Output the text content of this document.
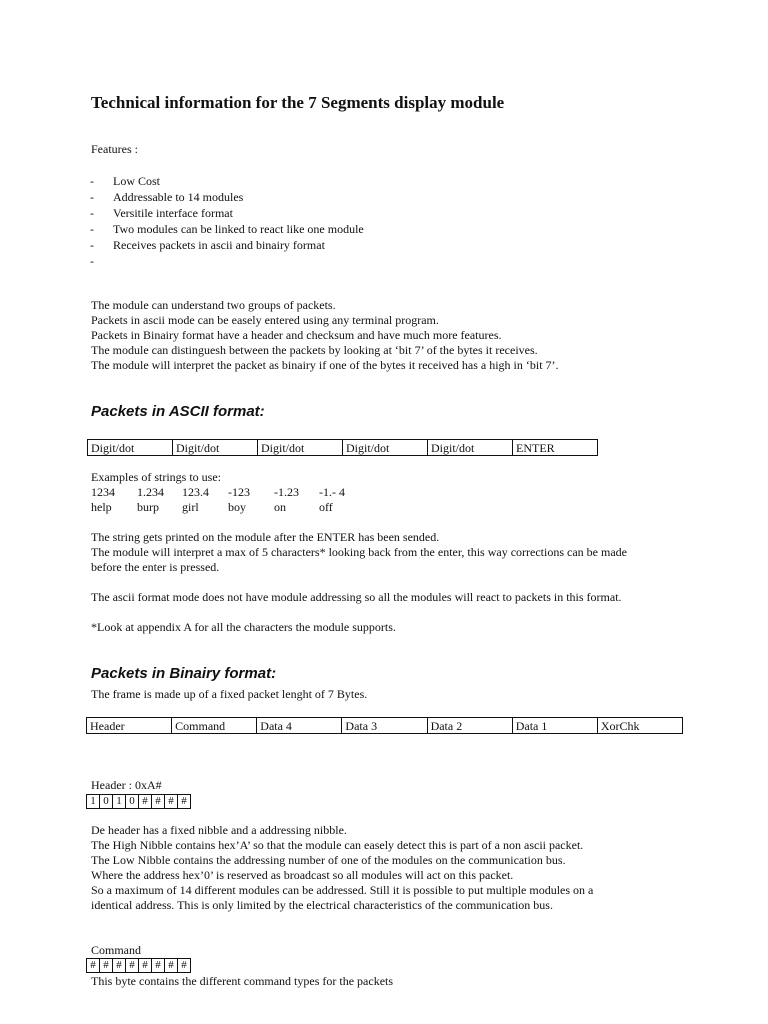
Technical information for the 7 Segments display module
Features :
-	Low Cost
-	Addressable to 14 modules
-	Versitile interface format
-	Two modules can be linked to react like one module
-	Receives packets in ascii and binairy format
-
The module can understand two groups of packets.
Packets in ascii mode can be easely entered using any terminal program.
Packets in Binairy format have a header and checksum and have much more features.
The module can distinguesh between the packets by looking at ‘bit 7’ of the bytes it receives.
The module will interpret the packet as binairy if one of the bytes it received has a high in ‘bit 7’.
Packets in ASCII format:
Digit/dot	Digit/dot	Digit/dot	Digit/dot	Digit/dot	ENTER
Examples of strings to use:
1234	1.234	123.4	-123	-1.23	-1.- 4
help	burp	girl	boy	on	off
The string gets printed on the module after the ENTER has been sended.
The module will interpret a max of 5 characters* looking back from the enter, this way corrections can be made
before the enter is pressed.
The ascii format mode does not have module addressing so all the modules will react to packets in this format.
*Look at appendix A for all the characters the module supports.
Packets in Binairy format:
The frame is made up of a fixed packet lenght of 7 Bytes.
Header	Command	Data 4	Data 3	Data 2	Data 1	XorChk
Header : 0xA#
1	0	1	0	#	#	#	#
De header has a fixed nibble and a addressing nibble.
The High Nibble contains hex’A’ so that the module can easely detect this is part of a non ascii packet.
The Low Nibble contains the addressing number of one of the modules on the communication bus.
Where the address hex’0’ is reserved as broadcast so all modules will act on this packet.
So a maximum of 14 different modules can be addressed. Still it is possible to put multiple modules on a
identical address. This is only limited by the electrical characteristics of the communication bus.
Command
#	#	#	#	#	#	#	#
This byte contains the different command types for the packets
